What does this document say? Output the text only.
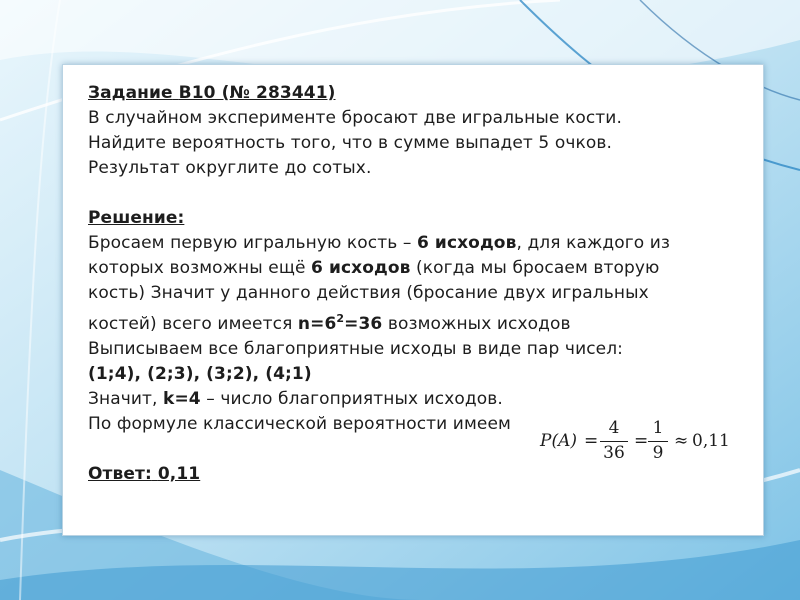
Задание В10 (№ 283441)

В случайном эксперименте бросают две игральные кости.

Найдите вероятность того, что в сумме выпадет 5 очков.

Результат округлите до сотых.

Решение:

Бросаем первую игральную кость – 6 исходов, для каждого из

которых возможны ещё 6 исходов (когда мы бросаем вторую

кость) Значит у данного действия (бросание двух игральных

костей) всего имеется $n=6^2=36$ возможных исходов

Выписываем все благоприятные исходы в виде пар чисел:

(1;4), (2;3), (3;2), (4;1)

Значит, k=4 – число благоприятных исходов.

По формуле классической вероятности имеем

Ответ: 0,11

P(A) =
4
36
=
1
9
≈ 0,11
